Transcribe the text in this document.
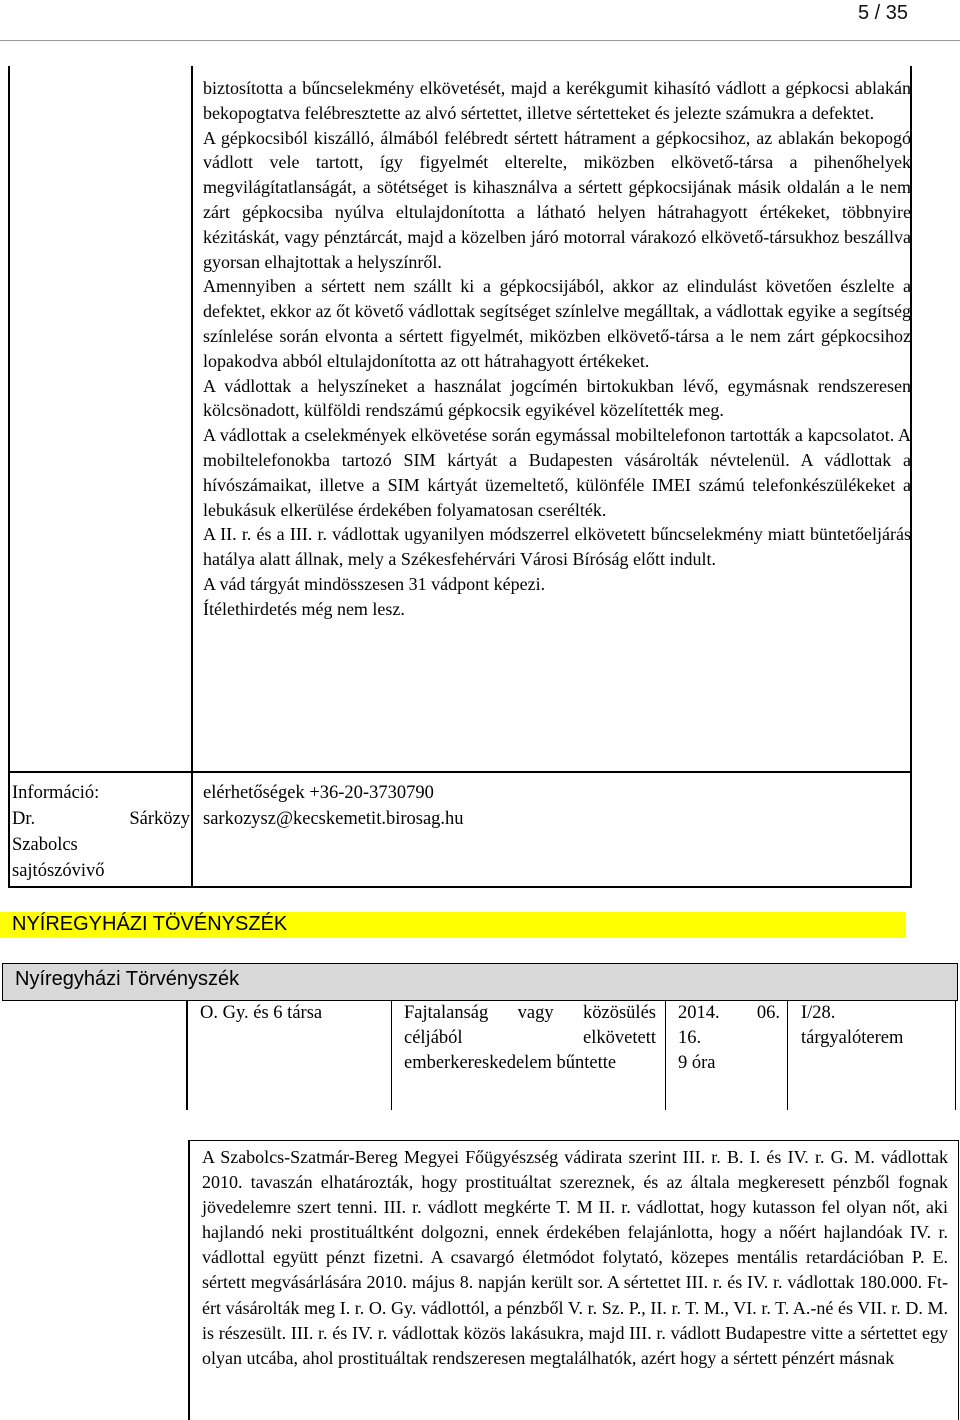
5 / 35

biztosította a bűncselekmény elkövetését, majd a kerékgumit kihasító vádlott a gépkocsi ablakán bekopogtatva felébresztette az alvó sértettet, illetve sértetteket és jelezte számukra a defektet.

A gépkocsiból kiszálló, álmából felébredt sértett hátrament a gépkocsihoz, az ablakán bekopogó vádlott vele tartott, így figyelmét elterelte, miközben elkövető-társa a pihenőhelyek megvilágítatlanságát, a sötétséget is kihasználva a sértett gépkocsijának másik oldalán a le nem zárt gépkocsiba nyúlva eltulajdonította a látható helyen hátrahagyott értékeket, többnyire kézitáskát, vagy pénztárcát, majd a közelben járó motorral várakozó elkövető-társukhoz beszállva gyorsan elhajtottak a helyszínről.

Amennyiben a sértett nem szállt ki a gépkocsijából, akkor az elindulást követően észlelte a defektet, ekkor az őt követő vádlottak segítséget színlelve megálltak, a vádlottak egyike a segítség színlelése során elvonta a sértett figyelmét, miközben elkövető-társa a le nem zárt gépkocsihoz lopakodva abból eltulajdonította az ott hátrahagyott értékeket.

A vádlottak a helyszíneket a használat jogcímén birtokukban lévő, egymásnak rendszeresen kölcsönadott, külföldi rendszámú gépkocsik egyikével közelítették meg.

A vádlottak a cselekmények elkövetése során egymással mobiltelefonon tartották a kapcsolatot. A mobiltelefonokba tartozó SIM kártyát a Budapesten vásárolták névtelenül. A vádlottak a hívószámaikat, illetve a SIM kártyát üzemeltető, különféle IMEI számú telefonkészülékeket a lebukásuk elkerülése érdekében folyamatosan cserélték.

A II. r. és a III. r. vádlottak ugyanilyen módszerrel elkövetett bűncselekmény miatt büntetőeljárás hatálya alatt állnak, mely a Székesfehérvári Városi Bíróság előtt indult.

A vád tárgyát mindösszesen 31 vádpont képezi.

Ítélethirdetés még nem lesz.

Információ:
Dr.	Sárközy
Szabolcs
sajtószóvivő
elérhetőségek +36-20-3730790
sarkozysz@kecskemetit.birosag.hu
NYÍREGYHÁZI TÖVÉNYSZÉK
Nyíregyházi Törvényszék
O. Gy. és 6 társa	Fajtalanság vagy közösülés céljából elkövetett emberkereskedelem bűntette
2014. 06.
16.
9 óra
I/28.
tárgyalóterem

A Szabolcs-Szatmár-Bereg Megyei Főügyészség vádirata szerint III. r. B. I. és IV. r. G. M. vádlottak 2010. tavaszán elhatározták, hogy prostituáltat szereznek, és az általa megkeresett pénzből fognak jövedelemre szert tenni. III. r. vádlott megkérte T. M II. r. vádlottat, hogy kutasson fel olyan nőt, aki hajlandó neki prostituáltként dolgozni, ennek érdekében felajánlotta, hogy a nőért hajlandóak IV. r. vádlottal együtt pénzt fizetni. A csavargó életmódot folytató, közepes mentális retardációban P. E. sértett megvásárlására 2010. május 8. napján került sor. A sértettet III. r. és IV. r. vádlottak 180.000. Ft-ért vásárolták meg I. r. O. Gy. vádlottól, a pénzből V. r. Sz. P., II. r. T. M., VI. r. T. A.-né és VII. r. D. M. is részesült. III. r. és IV. r. vádlottak közös lakásukra, majd III. r. vádlott Budapestre vitte a sértettet egy olyan utcába, ahol prostituáltak rendszeresen megtalálhatók, azért hogy a sértett pénzért másnak
